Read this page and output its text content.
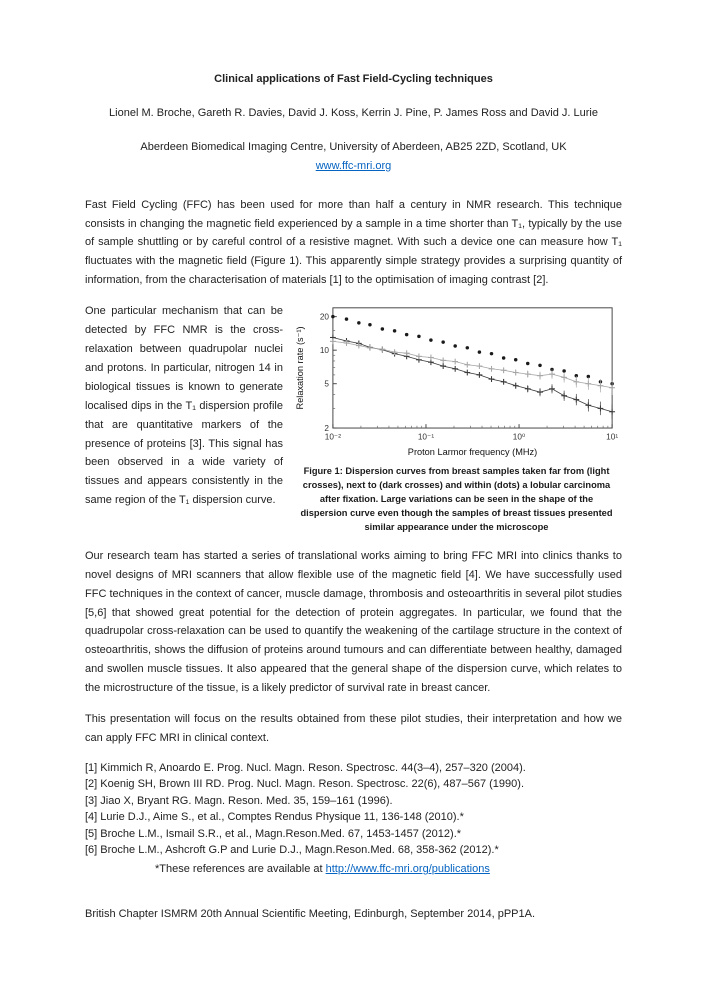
Clinical applications of Fast Field-Cycling techniques
Lionel M. Broche, Gareth R. Davies, David J. Koss, Kerrin J. Pine, P. James Ross and David J. Lurie
Aberdeen Biomedical Imaging Centre, University of Aberdeen, AB25 2ZD, Scotland, UK
www.ffc-mri.org

Fast Field Cycling (FFC) has been used for more than half a century in NMR research. This technique consists in changing the magnetic field experienced by a sample in a time shorter than T₁, typically by the use of sample shuttling or by careful control of a resistive magnet. With such a device one can measure how T₁ fluctuates with the magnetic field (Figure 1). This apparently simple strategy provides a surprising quantity of information, from the characterisation of materials [1] to the optimisation of imaging contrast [2].

One particular mechanism that can be detected by FFC NMR is the cross-relaxation between quadrupolar nuclei and protons. In particular, nitrogen 14 in biological tissues is known to generate localised dips in the T₁ dispersion profile that are quantitative markers of the presence of proteins [3]. This signal has been observed in a wide variety of tissues and appears consistently in the same region of the T₁ dispersion curve.
Relaxation rate (s⁻¹)
Proton Larmor frequency (MHz)
10⁻²	10⁻¹	10⁰	10¹
2
5
10
20
Figure 1: Dispersion curves from breast samples taken far from (light crosses), next to (dark crosses) and within (dots) a lobular carcinoma after fixation. Large variations can be seen in the shape of the dispersion curve even though the samples of breast tissues presented similar appearance under the microscope

Our research team has started a series of translational works aiming to bring FFC MRI into clinics thanks to novel designs of MRI scanners that allow flexible use of the magnetic field [4]. We have successfully used FFC techniques in the context of cancer, muscle damage, thrombosis and osteoarthritis in several pilot studies [5,6] that showed great potential for the detection of protein aggregates. In particular, we found that the quadrupolar cross-relaxation can be used to quantify the weakening of the cartilage structure in the context of osteoarthritis, shows the diffusion of proteins around tumours and can differentiate between healthy, damaged and swollen muscle tissues. It also appeared that the general shape of the dispersion curve, which relates to the microstructure of the tissue, is a likely predictor of survival rate in breast cancer.

This presentation will focus on the results obtained from these pilot studies, their interpretation and how we can apply FFC MRI in clinical context.

[1] Kimmich R, Anoardo E. Prog. Nucl. Magn. Reson. Spectrosc. 44(3–4), 257–320 (2004).
[2] Koenig SH, Brown III RD. Prog. Nucl. Magn. Reson. Spectrosc. 22(6), 487–567 (1990).
[3] Jiao X, Bryant RG. Magn. Reson. Med. 35, 159–161 (1996).
[4] Lurie D.J., Aime S., et al., Comptes Rendus Physique 11, 136-148 (2010).*
[5] Broche L.M., Ismail S.R., et al., Magn.Reson.Med. 67, 1453-1457 (2012).*
[6] Broche L.M., Ashcroft G.P and Lurie D.J., Magn.Reson.Med. 68, 358-362 (2012).*
*These references are available at http://www.ffc-mri.org/publications
British Chapter ISMRM 20th Annual Scientific Meeting, Edinburgh, September 2014, pPP1A.
